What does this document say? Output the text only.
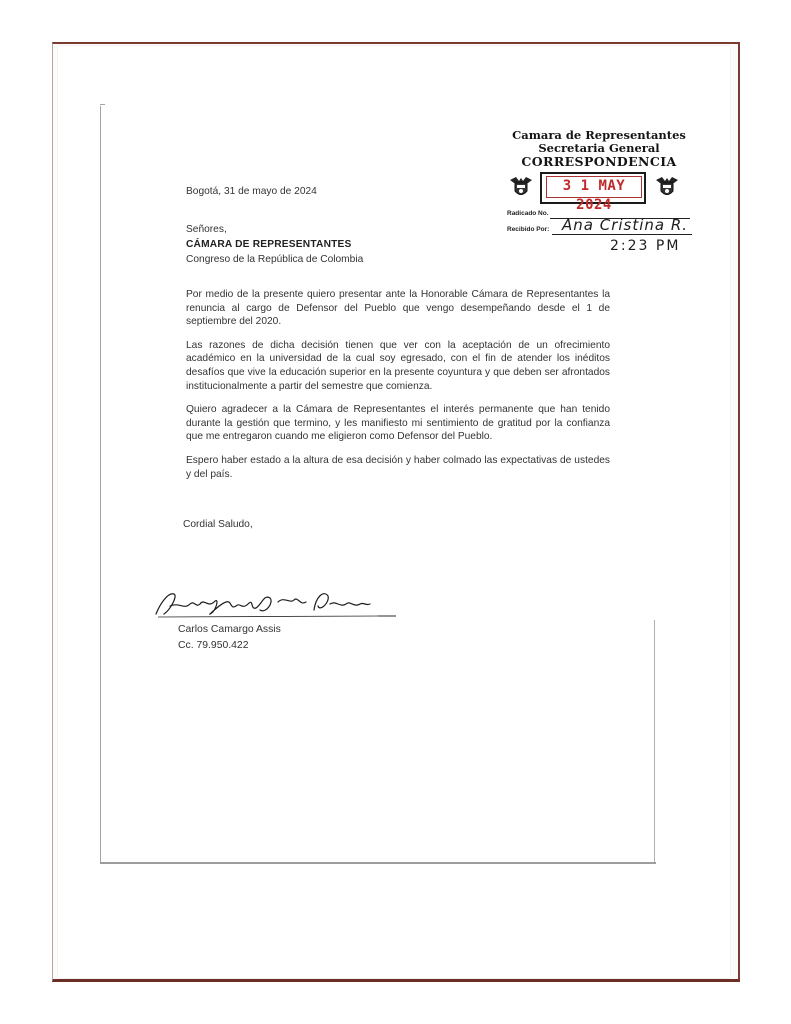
Camara de Representantes
Secretaria General
CORRESPONDENCIA
3 1 MAY 2024
Radicado No.
Recibido Por: Ana Cristina R.
2:23 PM
Bogotá, 31 de mayo de 2024
Señores,
CÁMARA DE REPRESENTANTES
Congreso de la República de Colombia

Por medio de la presente quiero presentar ante la Honorable Cámara de Representantes la renuncia al cargo de Defensor del Pueblo que vengo desempeñando desde el 1 de septiembre del 2020.

Las razones de dicha decisión tienen que ver con la aceptación de un ofrecimiento académico en la universidad de la cual soy egresado, con el fin de atender los inéditos desafíos que vive la educación superior en la presente coyuntura y que deben ser afrontados institucionalmente a partir del semestre que comienza.

Quiero agradecer a la Cámara de Representantes el interés permanente que han tenido durante la gestión que termino, y les manifiesto mi sentimiento de gratitud por la confianza que me entregaron cuando me eligieron como Defensor del Pueblo.

Espero haber estado a la altura de esa decisión y haber colmado las expectativas de ustedes y del país.

Cordial Saludo,
Carlos Camargo Assis
Cc. 79.950.422
